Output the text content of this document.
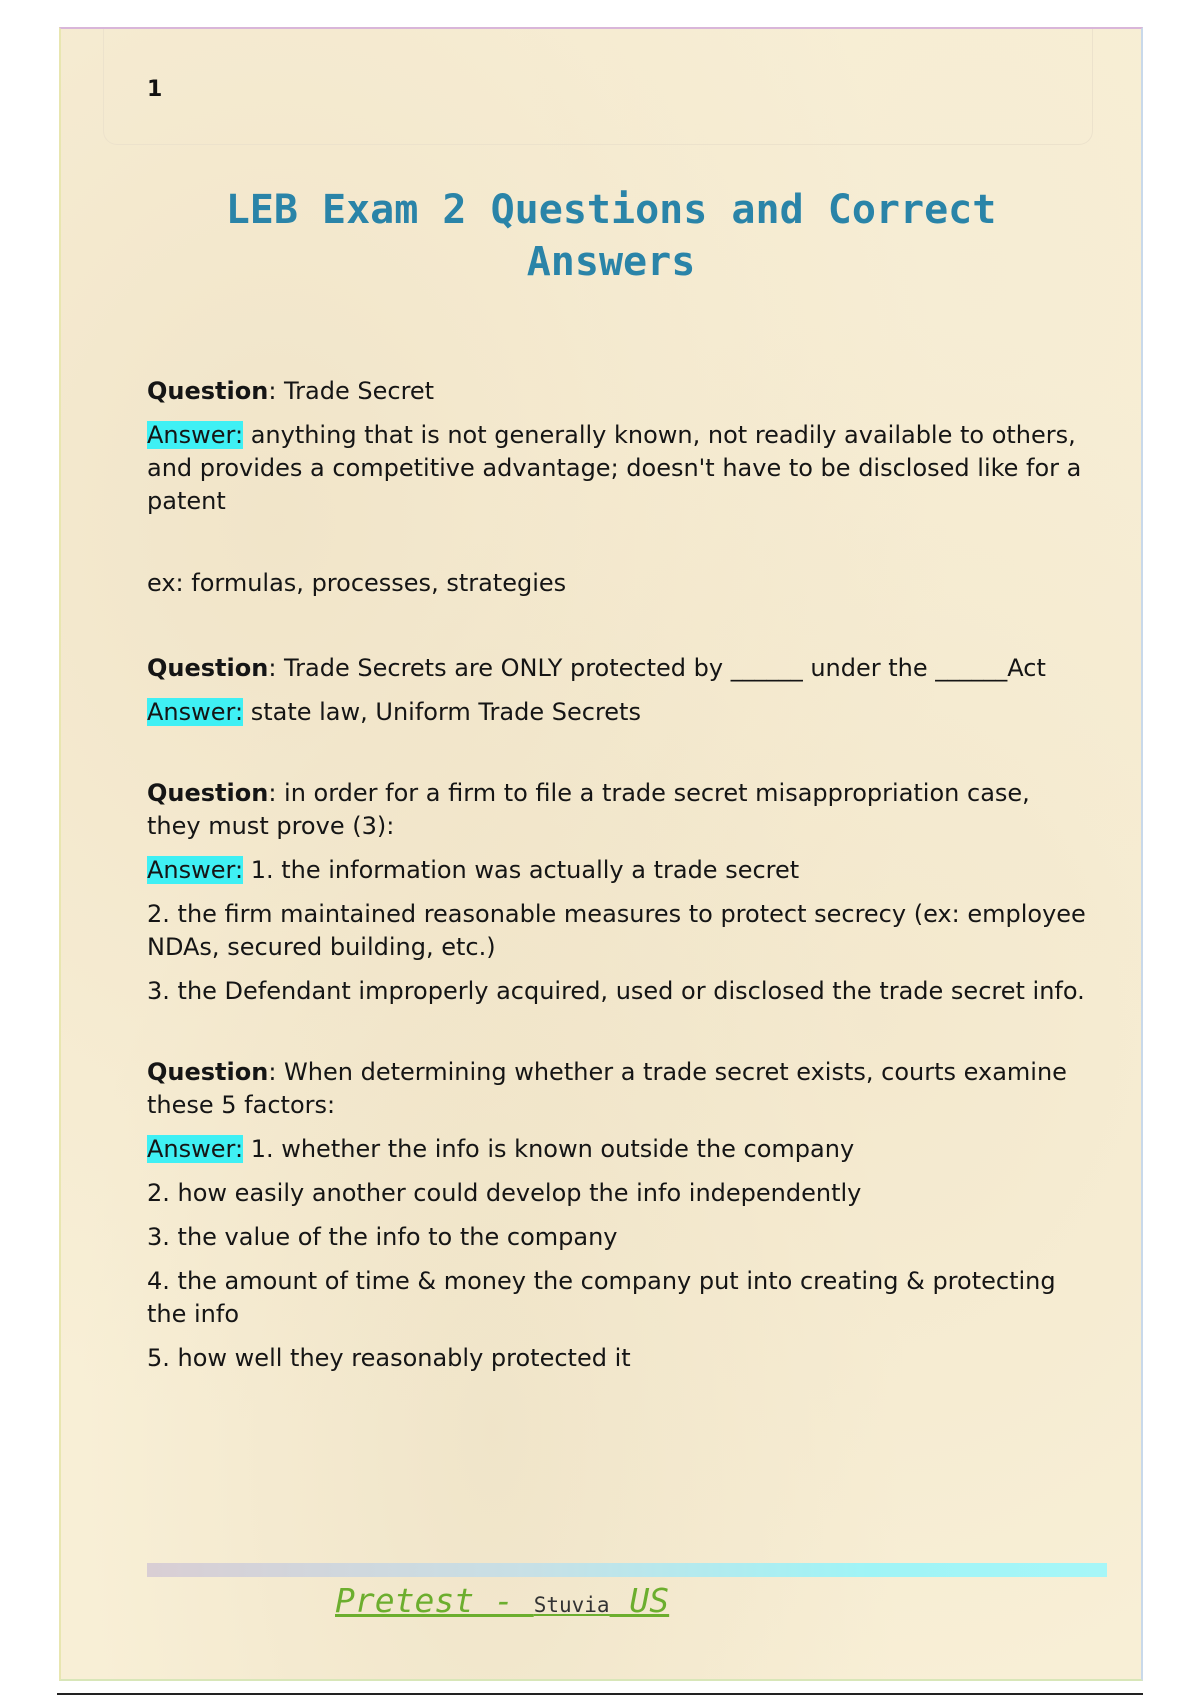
1
LEB Exam 2 Questions and Correct Answers

Question: Trade Secret

Answer: anything that is not generally known, not readily available to others, and provides a competitive advantage; doesn't have to be disclosed like for a patent

ex: formulas, processes, strategies

Question: Trade Secrets are ONLY protected by ______ under the ______Act

Answer: state law, Uniform Trade Secrets

Question: in order for a firm to file a trade secret misappropriation case, they must prove (3):

Answer: 1. the information was actually a trade secret

2. the firm maintained reasonable measures to protect secrecy (ex: employee NDAs, secured building, etc.)

3. the Defendant improperly acquired, used or disclosed the trade secret info.

Question: When determining whether a trade secret exists, courts examine these 5 factors:

Answer: 1. whether the info is known outside the company

2. how easily another could develop the info independently

3. the value of the info to the company

4. the amount of time & money the company put into creating & protecting the info

5. how well they reasonably protected it

Pretest - Stuvia US
